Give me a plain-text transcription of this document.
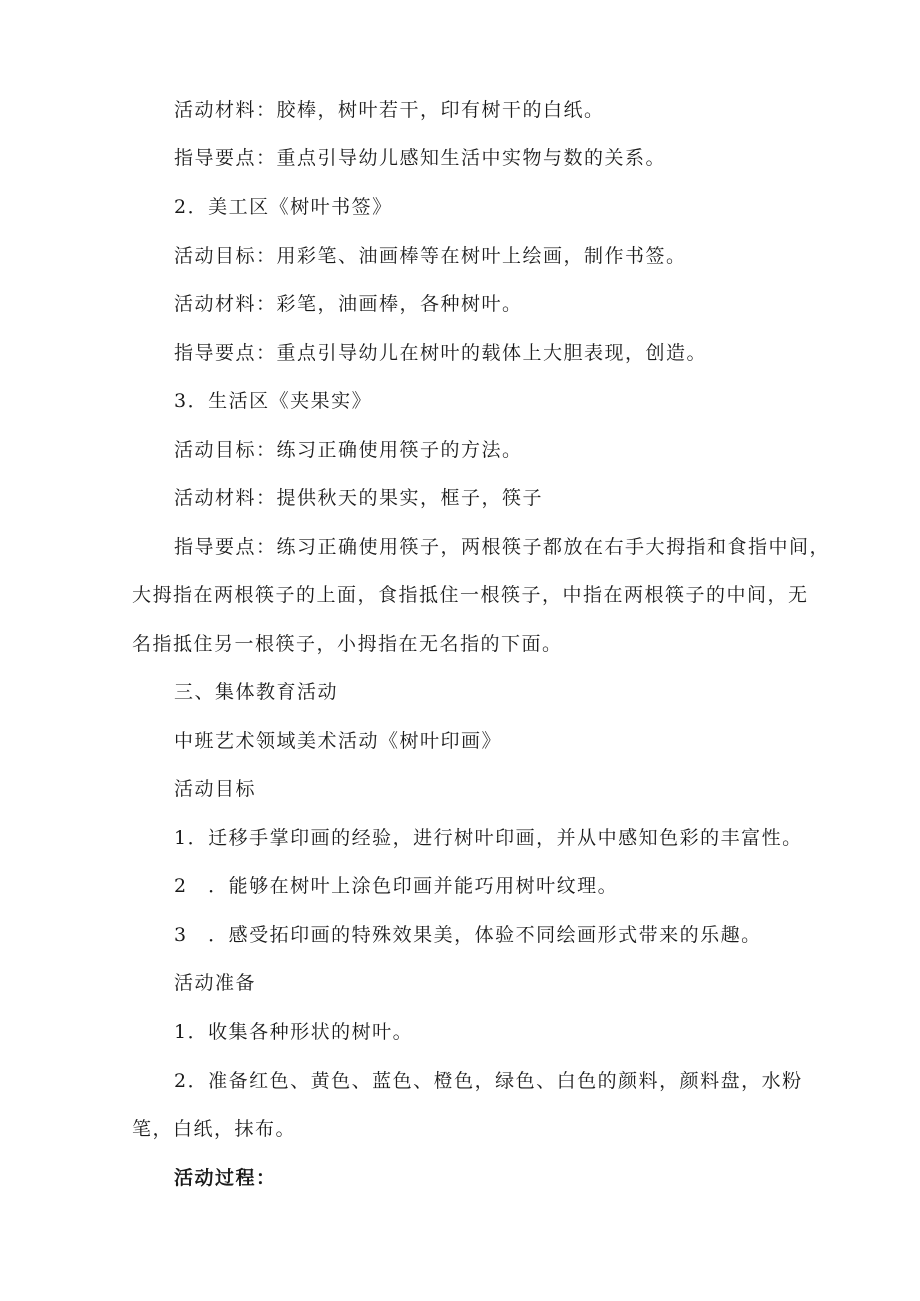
活动材料：胶棒，树叶若干，印有树干的白纸。
指导要点：重点引导幼儿感知生活中实物与数的关系。
2．美工区《树叶书签》
活动目标：用彩笔、油画棒等在树叶上绘画，制作书签。
活动材料：彩笔，油画棒，各种树叶。
指导要点：重点引导幼儿在树叶的载体上大胆表现，创造。
3．生活区《夹果实》
活动目标：练习正确使用筷子的方法。
活动材料：提供秋天的果实，框子，筷子
指导要点：练习正确使用筷子，两根筷子都放在右手大拇指和食指中间，
大拇指在两根筷子的上面，食指抵住一根筷子，中指在两根筷子的中间，无
名指抵住另一根筷子，小拇指在无名指的下面。
三、集体教育活动
中班艺术领域美术活动《树叶印画》
活动目标
1．迁移手掌印画的经验，进行树叶印画，并从中感知色彩的丰富性。
2　．能够在树叶上涂色印画并能巧用树叶纹理。
3　．感受拓印画的特殊效果美，体验不同绘画形式带来的乐趣。
活动准备
1．收集各种形状的树叶。
2．准备红色、黄色、蓝色、橙色，绿色、白色的颜料，颜料盘，水粉
笔，白纸，抹布。
活动过程：
